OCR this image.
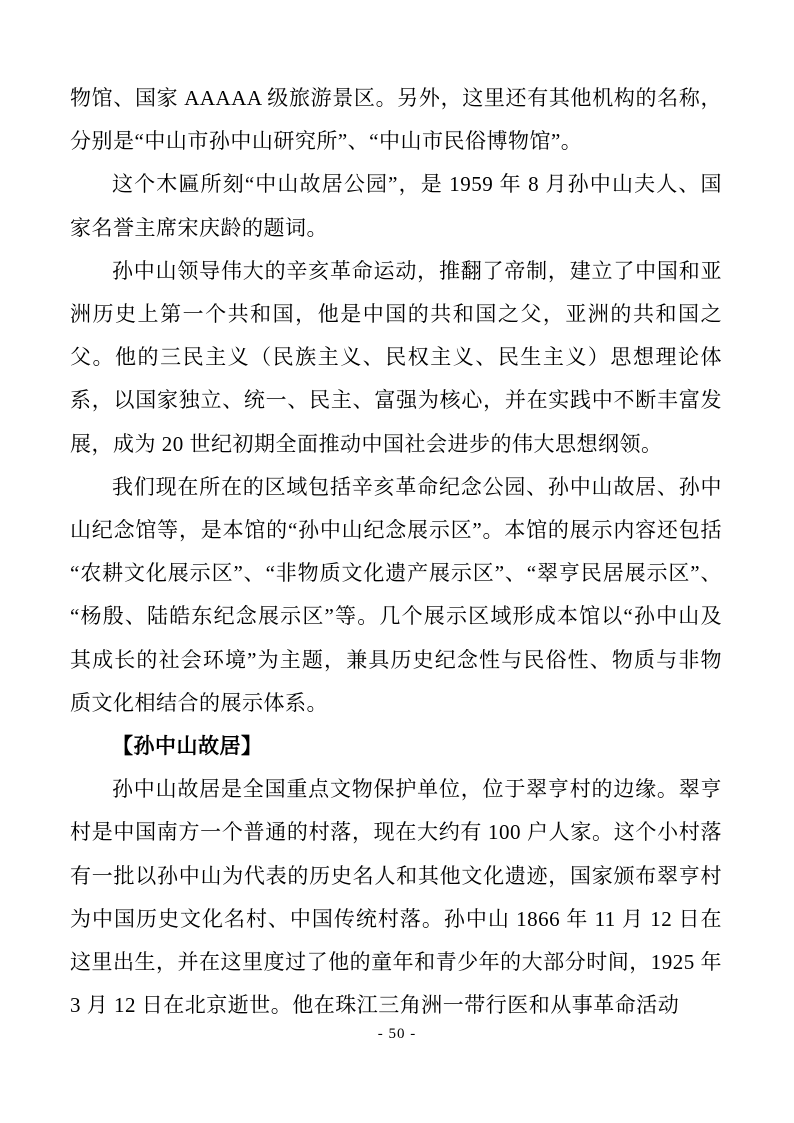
物馆、国家 AAAAA 级旅游景区。另外，这里还有其他机构的名称，分别是“中山市孙中山研究所”、“中山市民俗博物馆”。

这个木匾所刻“中山故居公园”，是 1959 年 8 月孙中山夫人、国家名誉主席宋庆龄的题词。

孙中山领导伟大的辛亥革命运动，推翻了帝制，建立了中国和亚洲历史上第一个共和国，他是中国的共和国之父，亚洲的共和国之父。他的三民主义（民族主义、民权主义、民生主义）思想理论体系，以国家独立、统一、民主、富强为核心，并在实践中不断丰富发展，成为 20 世纪初期全面推动中国社会进步的伟大思想纲领。

我们现在所在的区域包括辛亥革命纪念公园、孙中山故居、孙中山纪念馆等，是本馆的“孙中山纪念展示区”。本馆的展示内容还包括“农耕文化展示区”、“非物质文化遗产展示区”、“翠亨民居展示区”、“杨殷、陆皓东纪念展示区”等。几个展示区域形成本馆以“孙中山及其成长的社会环境”为主题，兼具历史纪念性与民俗性、物质与非物质文化相结合的展示体系。

【孙中山故居】

孙中山故居是全国重点文物保护单位，位于翠亨村的边缘。翠亨村是中国南方一个普通的村落，现在大约有 100 户人家。这个小村落有一批以孙中山为代表的历史名人和其他文化遗迹，国家颁布翠亨村为中国历史文化名村、中国传统村落。孙中山 1866 年 11 月 12 日在这里出生，并在这里度过了他的童年和青少年的大部分时间，1925 年 3 月 12 日在北京逝世。他在珠江三角洲一带行医和从事革命活动

- 50 -
